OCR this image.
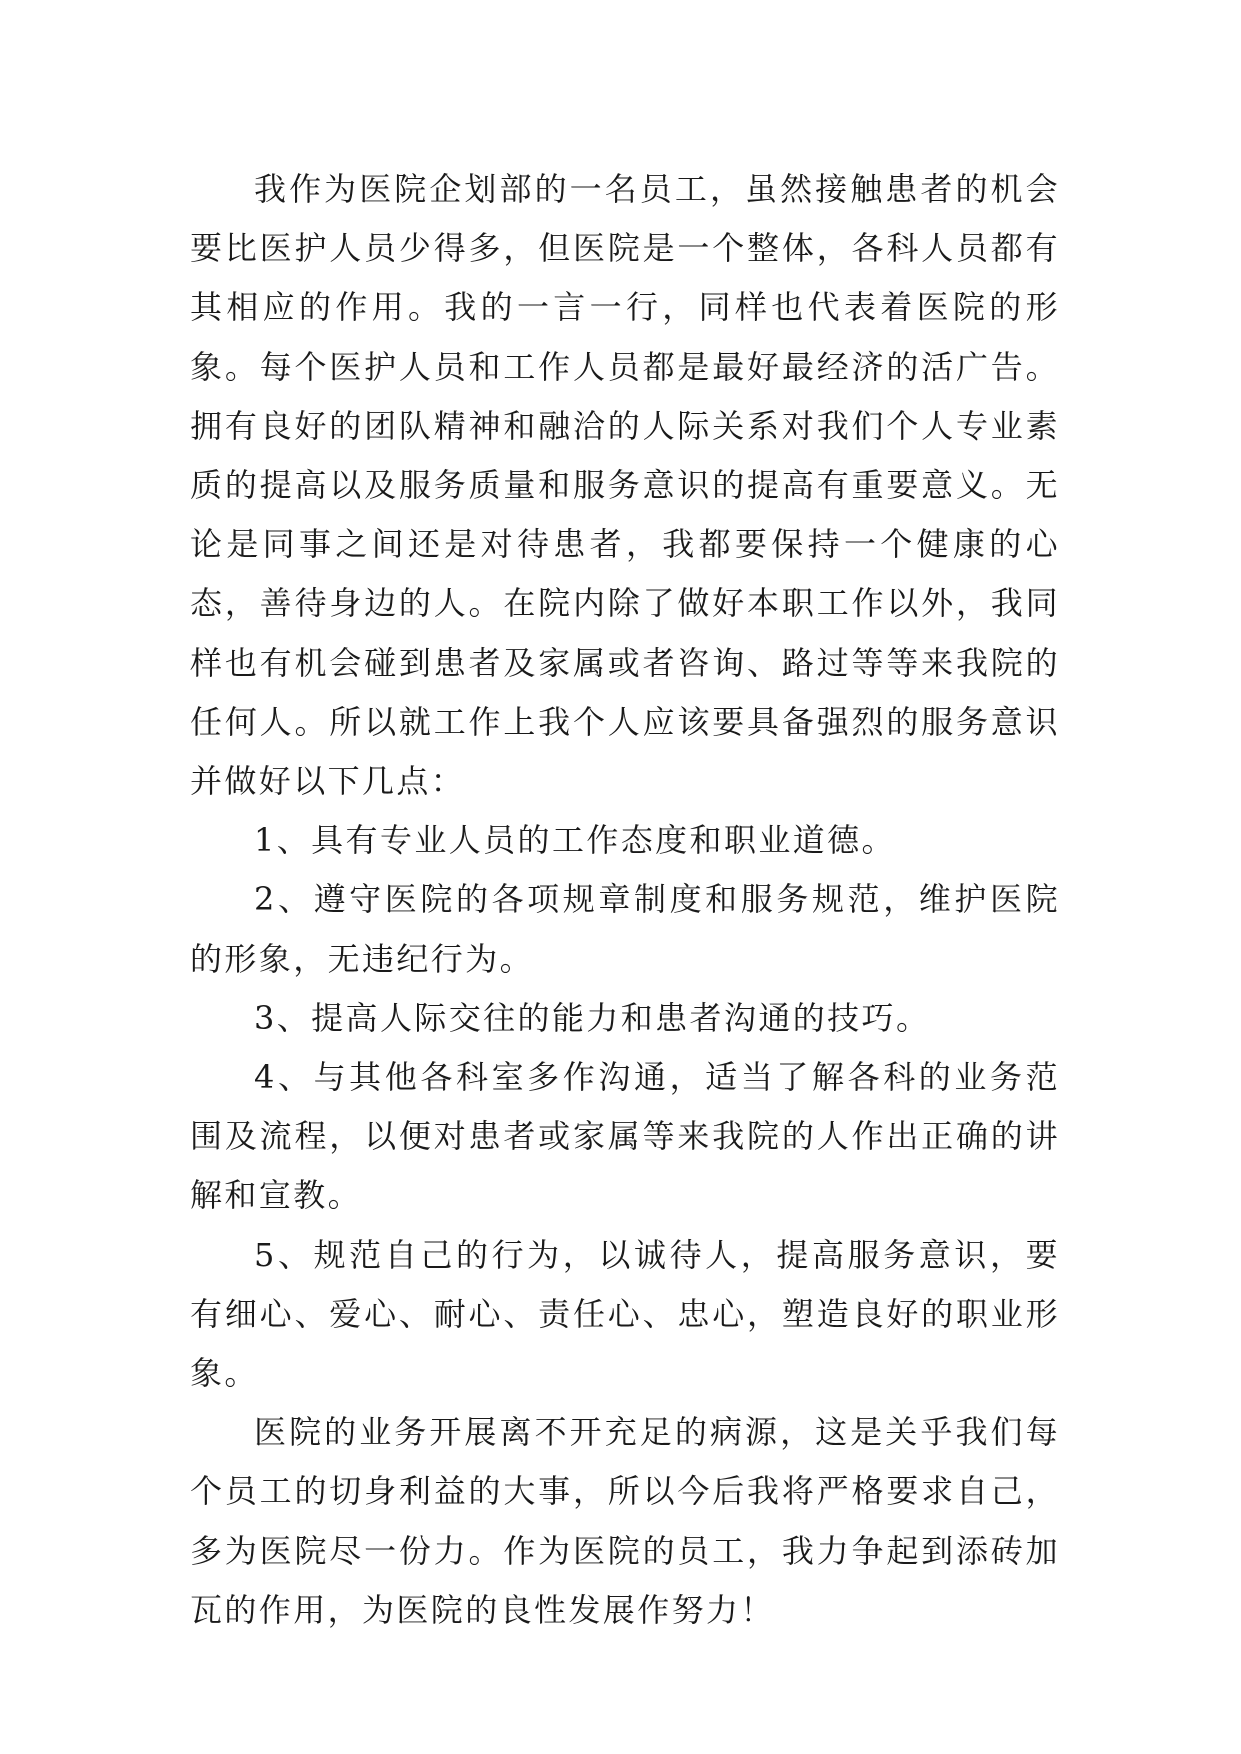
我作为医院企划部的一名员工，虽然接触患者的机会要比医护人员少得多，但医院是一个整体，各科人员都有其相应的作用。我的一言一行，同样也代表着医院的形象。每个医护人员和工作人员都是最好最经济的活广告。拥有良好的团队精神和融洽的人际关系对我们个人专业素质的提高以及服务质量和服务意识的提高有重要意义。无论是同事之间还是对待患者，我都要保持一个健康的心态，善待身边的人。在院内除了做好本职工作以外，我同样也有机会碰到患者及家属或者咨询、路过等等来我院的任何人。所以就工作上我个人应该要具备强烈的服务意识并做好以下几点：

1、具有专业人员的工作态度和职业道德。

2、遵守医院的各项规章制度和服务规范，维护医院的形象，无违纪行为。

3、提高人际交往的能力和患者沟通的技巧。

4、与其他各科室多作沟通，适当了解各科的业务范围及流程，以便对患者或家属等来我院的人作出正确的讲解和宣教。

5、规范自己的行为，以诚待人，提高服务意识，要有细心、爱心、耐心、责任心、忠心，塑造良好的职业形象。

医院的业务开展离不开充足的病源，这是关乎我们每个员工的切身利益的大事，所以今后我将严格要求自己，多为医院尽一份力。作为医院的员工，我力争起到添砖加瓦的作用，为医院的良性发展作努力！
